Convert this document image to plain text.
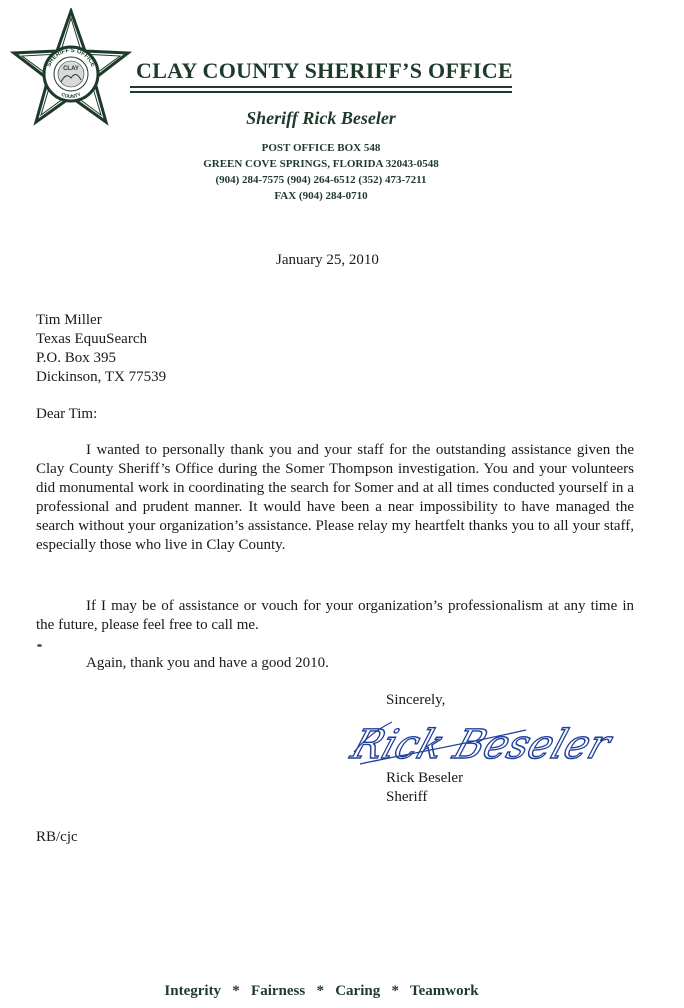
SHERIFF'S OFFICE
COUNTY
CLAY	CLAY COUNTY SHERIFF’S OFFICE
Sheriff Rick Beseler
POST OFFICE BOX 548
GREEN COVE SPRINGS, FLORIDA 32043-0548
(904) 284-7575 (904) 264-6512 (352) 473-7211
FAX (904) 284-0710
January 25, 2010
Tim Miller
Texas EquuSearch
P.O. Box 395
Dickinson, TX 77539
Dear Tim:
I wanted to personally thank you and your staff for the outstanding assistance given the Clay County Sheriff’s Office during the Somer Thompson investigation. You and your volunteers did monumental work in coordinating the search for Somer and at all times conducted yourself in a professional and prudent manner. It would have been a near impossibility to have managed the search without your organization’s assistance. Please relay my heartfelt thanks you to all your staff, especially those who live in Clay County.
If I may be of assistance or vouch for your organization’s professionalism at any time in the future, please feel free to call me.
Again, thank you and have a good 2010.
Sincerely,
Rick Beseler
Rick Beseler
Sheriff
RB/cjc
Integrity   *   Fairness   *   Caring   *   Teamwork
